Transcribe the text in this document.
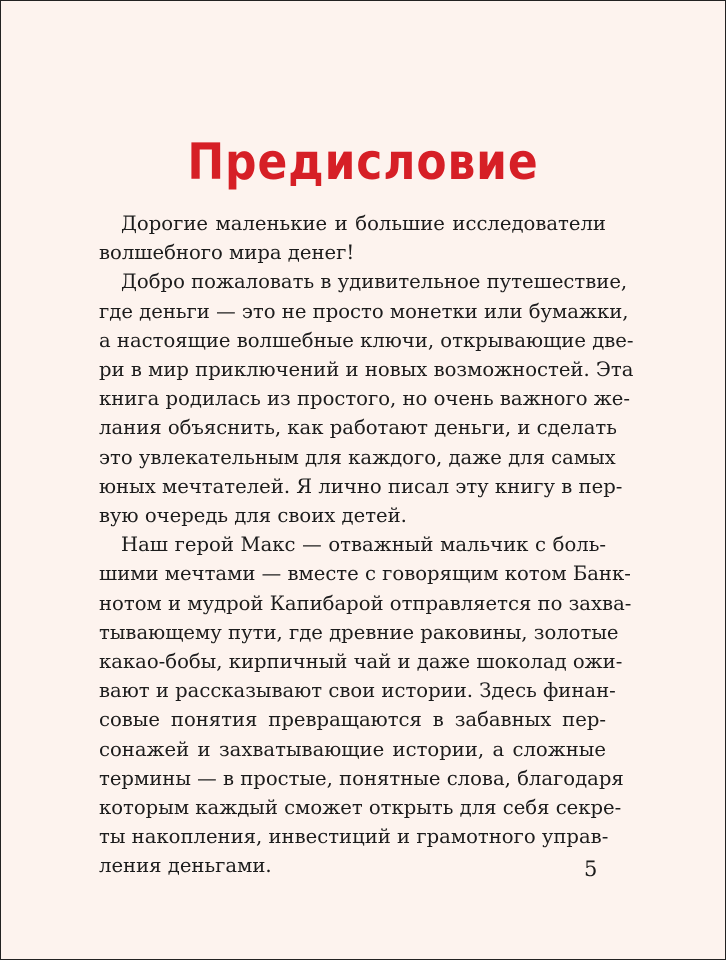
Предисловие
Дорогие маленькие и большие исследователи
волшебного мира денег!
Добро пожаловать в удивительное путешествие,
где деньги — это не просто монетки или бумажки,
а настоящие волшебные ключи, открывающие две-
ри в мир приключений и новых возможностей. Эта
книга родилась из простого, но очень важного же-
лания объяснить, как работают деньги, и сделать
это увлекательным для каждого, даже для самых
юных мечтателей. Я лично писал эту книгу в пер-
вую очередь для своих детей.
Наш герой Макс — отважный мальчик с боль-
шими мечтами — вместе с говорящим котом Банк-
нотом и мудрой Капибарой отправляется по захва-
тывающему пути, где древние раковины, золотые
какао-бобы, кирпичный чай и даже шоколад ожи-
вают и рассказывают свои истории. Здесь финан-
совые понятия превращаются в забавных пер-
сонажей и захватывающие истории, а сложные
термины — в простые, понятные слова, благодаря
которым каждый сможет открыть для себя секре-
ты накопления, инвестиций и грамотного управ-
ления деньгами.	5
